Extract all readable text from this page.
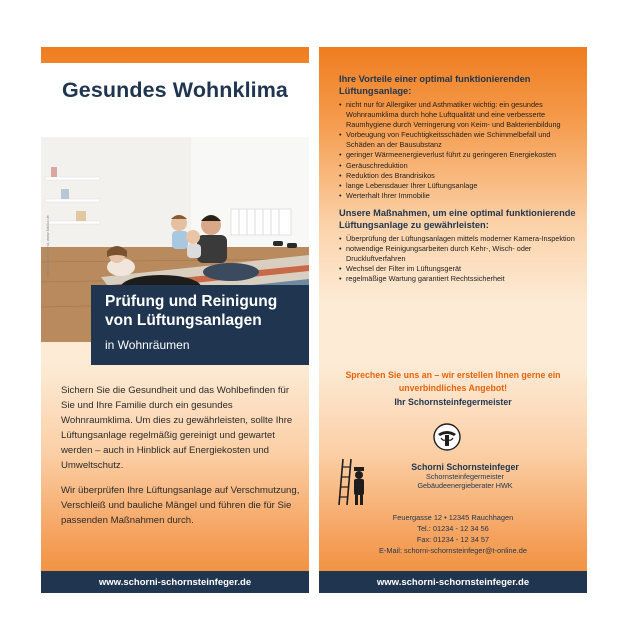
Gesundes Wohnklima
Fotolia/Jacob Lund, www.fotolia.de
Prüfung und Reinigung
von Lüftungsanlagen
in Wohnräumen

Sichern Sie die Gesundheit und das Wohlbefinden für Sie und Ihre Familie durch ein gesundes Wohnraumklima. Um dies zu gewährleisten, sollte Ihre Lüftungsanlage regelmäßig gereinigt und gewartet werden – auch in Hinblick auf Energiekosten und Umweltschutz.

Wir überprüfen Ihre Lüftungsanlage auf Verschmutzung, Verschleiß und bauliche Mängel und führen die für Sie passenden Maßnahmen durch.

www.schorni-schornsteinfeger.de
Ihre Vorteile einer optimal funktionierenden Lüftungsanlage:
• nicht nur für Allergiker und Asthmatiker wichtig: ein gesundes Wohnraumklima durch hohe Luftqualität und eine verbesserte Raumhygiene durch Verringerung von Keim- und Bakterienbildung
• Vorbeugung von Feuchtigkeitsschäden wie Schimmelbefall und Schäden an der Bausubstanz
• geringer Wärmeenergieverlust führt zu geringeren Energiekosten
• Geräuschreduktion
• Reduktion des Brandrisikos
• lange Lebensdauer Ihrer Lüftungsanlage
• Werterhalt Ihrer Immobilie
Unsere Maßnahmen, um eine optimal funktionierende Lüftungsanlage zu gewährleisten:
• Überprüfung der Lüftungsanlagen mittels moderner Kamera-Inspektion
• notwendige Reinigungsarbeiten durch Kehr-, Wisch- oder Druckluftverfahren
• Wechsel der Filter im Lüftungsgerät
• regelmäßige Wartung garantiert Rechtssicherheit
Sprechen Sie uns an – wir erstellen Ihnen gerne ein unverbindliches Angebot!
Ihr Schornsteinfegermeister
Schorni Schornsteinfeger
Schornsteinfegermeister
Gebäudeenergieberater HWK
Feuergasse 12 • 12345 Rauchhagen
Tel.: 01234 - 12 34 56
Fax: 01234 - 12 34 57
E-Mail: schorni-schornsteinfeger@t-online.de
www.schorni-schornsteinfeger.de
